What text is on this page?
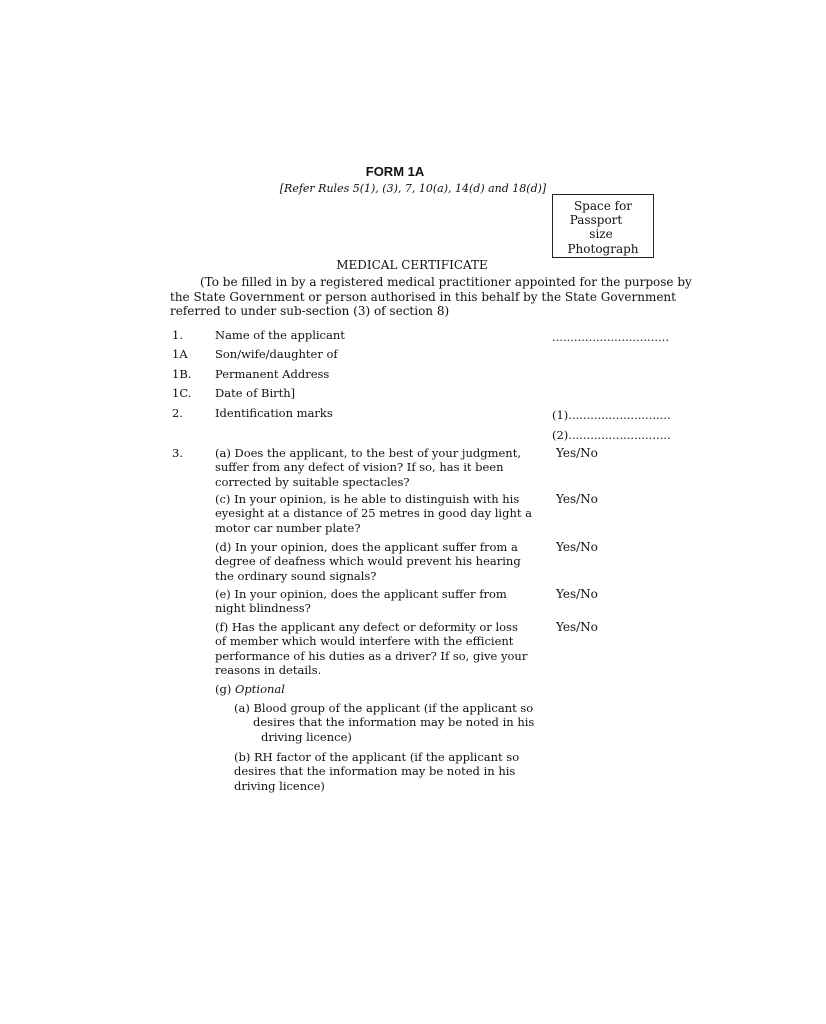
FORM 1A
[Refer Rules 5(1), (3), 7, 10(a), 14(d) and 18(d)]
Space for
Passport
size
Photograph
MEDICAL CERTIFICATE
(To be filled in by a registered medical practitioner appointed for the purpose by
the State Government or person authorised in this behalf by the State Government
referred to under sub-section (3) of section 8)
1.	Name of the applicant	................................
1A Son/wife/daughter of
1B. Permanent Address
1C. Date of Birth]
2.	Identification marks	(1)............................
(2)............................
3.	(a) Does the applicant, to the best of your judgment,
suffer from any defect of vision? If so, has it been
corrected by suitable spectacles?
Yes/No
(c) In your opinion, is he able to distinguish with his
eyesight at a distance of 25 metres in good day light a
motor car number plate?
Yes/No
(d) In your opinion, does the applicant suffer from a
degree of deafness which would prevent his hearing
the ordinary sound signals?
Yes/No
(e) In your opinion, does the applicant suffer from
night blindness?
Yes/No
(f) Has the applicant any defect or deformity or loss
of member which would interfere with the efficient
performance of his duties as a driver? If so, give your
reasons in details.
Yes/No
(g) Optional
(a) Blood group of the applicant (if the applicant so
desires that the information may be noted in his
driving licence)
(b) RH factor of the applicant (if the applicant so
desires that the information may be noted in his
driving licence)
